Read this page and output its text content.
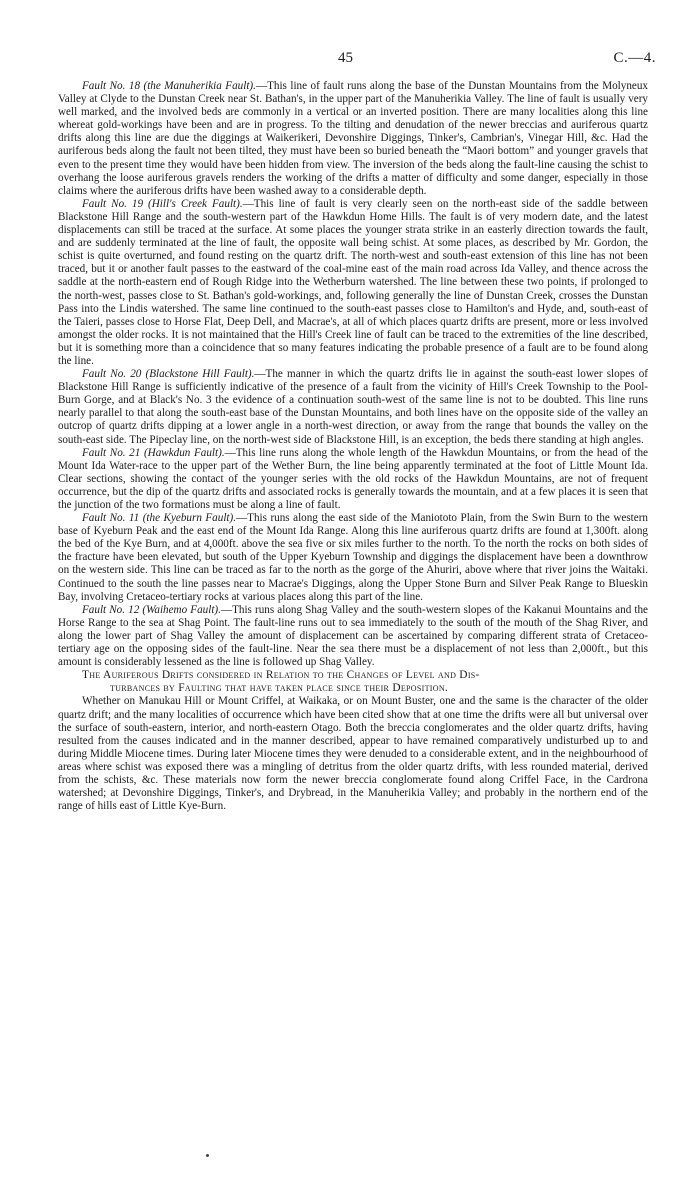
45	C.—4.

Fault No. 18 (the Manuherikia Fault).—This line of fault runs along the base of the Dunstan Mountains from the Molyneux Valley at Clyde to the Dunstan Creek near St. Bathan's, in the upper part of the Manuherikia Valley. The line of fault is usually very well marked, and the involved beds are commonly in a vertical or an inverted position. There are many localities along this line whereat gold-workings have been and are in progress. To the tilting and denudation of the newer breccias and auriferous quartz drifts along this line are due the diggings at Waikerikeri, Devonshire Diggings, Tinker's, Cambrian's, Vinegar Hill, &c. Had the auriferous beds along the fault not been tilted, they must have been so buried beneath the “Maori bottom” and younger gravels that even to the present time they would have been hidden from view. The inversion of the beds along the fault-line causing the schist to overhang the loose auriferous gravels renders the working of the drifts a matter of difficulty and some danger, especially in those claims where the auriferous drifts have been washed away to a considerable depth.

Fault No. 19 (Hill's Creek Fault).—This line of fault is very clearly seen on the north-east side of the saddle between Blackstone Hill Range and the south-western part of the Hawkdun Home Hills. The fault is of very modern date, and the latest displacements can still be traced at the surface. At some places the younger strata strike in an easterly direction towards the fault, and are suddenly terminated at the line of fault, the opposite wall being schist. At some places, as described by Mr. Gordon, the schist is quite overturned, and found resting on the quartz drift. The north-west and south-east extension of this line has not been traced, but it or another fault passes to the eastward of the coal-mine east of the main road across Ida Valley, and thence across the saddle at the north-eastern end of Rough Ridge into the Wetherburn watershed. The line between these two points, if prolonged to the north-west, passes close to St. Bathan's gold-workings, and, following generally the line of Dunstan Creek, crosses the Dunstan Pass into the Lindis watershed. The same line continued to the south-east passes close to Hamilton's and Hyde, and, south-east of the Taieri, passes close to Horse Flat, Deep Dell, and Macrae's, at all of which places quartz drifts are present, more or less involved amongst the older rocks. It is not maintained that the Hill's Creek line of fault can be traced to the extremities of the line described, but it is something more than a coincidence that so many features indicating the probable presence of a fault are to be found along the line.

Fault No. 20 (Blackstone Hill Fault).—The manner in which the quartz drifts lie in against the south-east lower slopes of Blackstone Hill Range is sufficiently indicative of the presence of a fault from the vicinity of Hill's Creek Township to the Pool-Burn Gorge, and at Black's No. 3 the evidence of a continuation south-west of the same line is not to be doubted. This line runs nearly parallel to that along the south-east base of the Dunstan Mountains, and both lines have on the opposite side of the valley an outcrop of quartz drifts dipping at a lower angle in a north-west direction, or away from the range that bounds the valley on the south-east side. The Pipeclay line, on the north-west side of Blackstone Hill, is an exception, the beds there standing at high angles.

Fault No. 21 (Hawkdun Fault).—This line runs along the whole length of the Hawkdun Mountains, or from the head of the Mount Ida Water-race to the upper part of the Wether Burn, the line being apparently terminated at the foot of Little Mount Ida. Clear sections, showing the contact of the younger series with the old rocks of the Hawkdun Mountains, are not of frequent occurrence, but the dip of the quartz drifts and associated rocks is generally towards the mountain, and at a few places it is seen that the junction of the two formations must be along a line of fault.

Fault No. 11 (the Kyeburn Fault).—This runs along the east side of the Maniototo Plain, from the Swin Burn to the western base of Kyeburn Peak and the east end of the Mount Ida Range. Along this line auriferous quartz drifts are found at 1,300ft. along the bed of the Kye Burn, and at 4,000ft. above the sea five or six miles further to the north. To the north the rocks on both sides of the fracture have been elevated, but south of the Upper Kyeburn Township and diggings the displacement have been a downthrow on the western side. This line can be traced as far to the north as the gorge of the Ahuriri, above where that river joins the Waitaki. Continued to the south the line passes near to Macrae's Diggings, along the Upper Stone Burn and Silver Peak Range to Blueskin Bay, involving Cretaceo-tertiary rocks at various places along this part of the line.

Fault No. 12 (Waihemo Fault).—This runs along Shag Valley and the south-western slopes of the Kakanui Mountains and the Horse Range to the sea at Shag Point. The fault-line runs out to sea immediately to the south of the mouth of the Shag River, and along the lower part of Shag Valley the amount of displacement can be ascertained by comparing different strata of Cretaceo-tertiary age on the opposing sides of the fault-line. Near the sea there must be a displacement of not less than 2,000ft., but this amount is considerably lessened as the line is followed up Shag Valley.

The Auriferous Drifts considered in Relation to the Changes of Level and Dis-
turbances by Faulting that have taken place since their Deposition.

Whether on Manukau Hill or Mount Criffel, at Waikaka, or on Mount Buster, one and the same is the character of the older quartz drift; and the many localities of occurrence which have been cited show that at one time the drifts were all but universal over the surface of south-eastern, interior, and north-eastern Otago. Both the breccia conglomerates and the older quartz drifts, having resulted from the causes indicated and in the manner described, appear to have remained comparatively undisturbed up to and during Middle Miocene times. During later Miocene times they were denuded to a considerable extent, and in the neighbourhood of areas where schist was exposed there was a mingling of detritus from the older quartz drifts, with less rounded material, derived from the schists, &c. These materials now form the newer breccia conglomerate found along Criffel Face, in the Cardrona watershed; at Devonshire Diggings, Tinker's, and Drybread, in the Manuherikia Valley; and probably in the northern end of the range of hills east of Little Kye-Burn.
